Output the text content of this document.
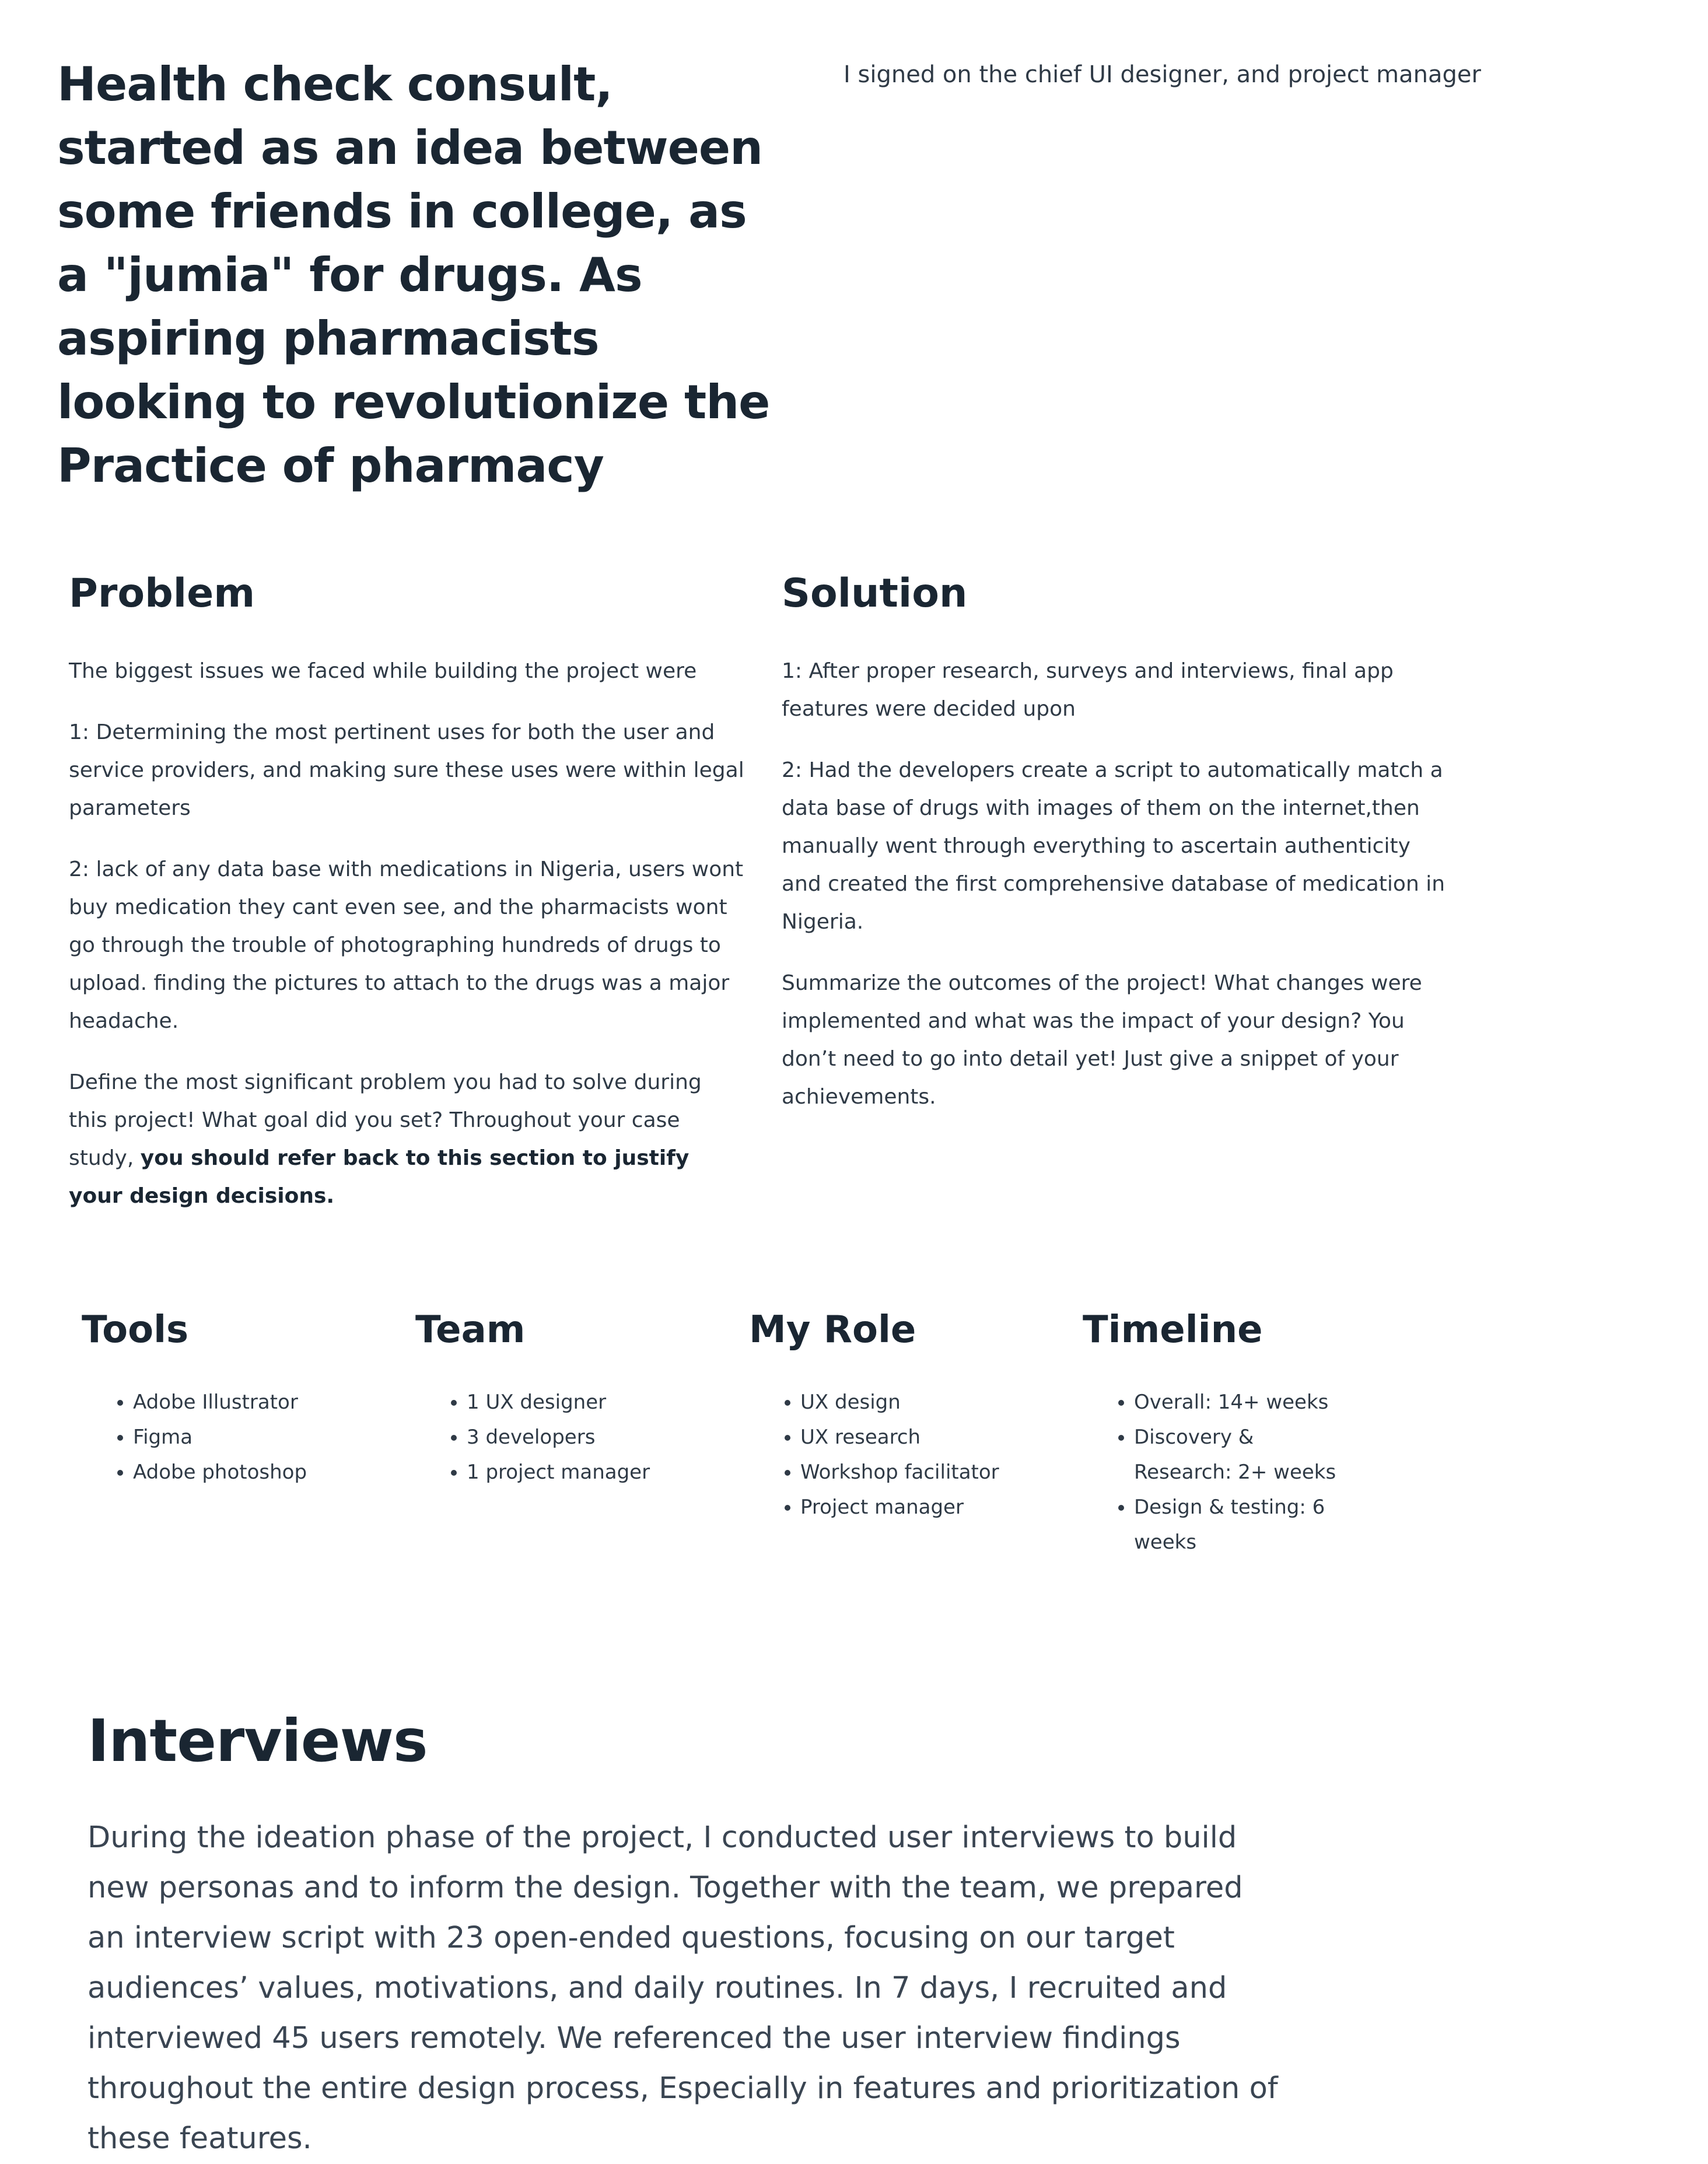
Health check consult, started as an idea between some friends in college, as a "jumia" for drugs. As aspiring pharmacists looking to revolutionize the Practice of pharmacy

I signed on the chief UI designer, and project manager

Problem

The biggest issues we faced while building the project were

1: Determining the most pertinent uses for both the user and service providers, and making sure these uses were within legal parameters

2: lack of any data base with medications in Nigeria, users wont buy medication they cant even see, and the pharmacists wont go through the trouble of photographing hundreds of drugs to upload. finding the pictures to attach to the drugs was a major headache.

Define the most significant problem you had to solve during this project! What goal did you set? Throughout your case study, you should refer back to this section to justify your design decisions.

Solution

1: After proper research, surveys and interviews, final app features were decided upon

2: Had the developers create a script to automatically match a data base of drugs with images of them on the internet,then manually went through everything to ascertain authenticity and created the first comprehensive database of medication in Nigeria.

Summarize the outcomes of the project! What changes were implemented and what was the impact of your design? You don’t need to go into detail yet! Just give a snippet of your achievements.

Tools
• Adobe Illustrator
• Figma
• Adobe photoshop
Team
• 1 UX designer
• 3 developers
• 1 project manager
My Role
• UX design
• UX research
• Workshop facilitator
• Project manager
Timeline
• Overall: 14+ weeks
• Discovery & Research: 2+ weeks
• Design & testing: 6 weeks
Interviews

During the ideation phase of the project, I conducted user interviews to build new personas and to inform the design. Together with the team, we prepared an interview script with 23 open-ended questions, focusing on our target audiences’ values, motivations, and daily routines. In 7 days, I recruited and interviewed 45 users remotely. We referenced the user interview findings throughout the entire design process, Especially in features and prioritization of these features.
